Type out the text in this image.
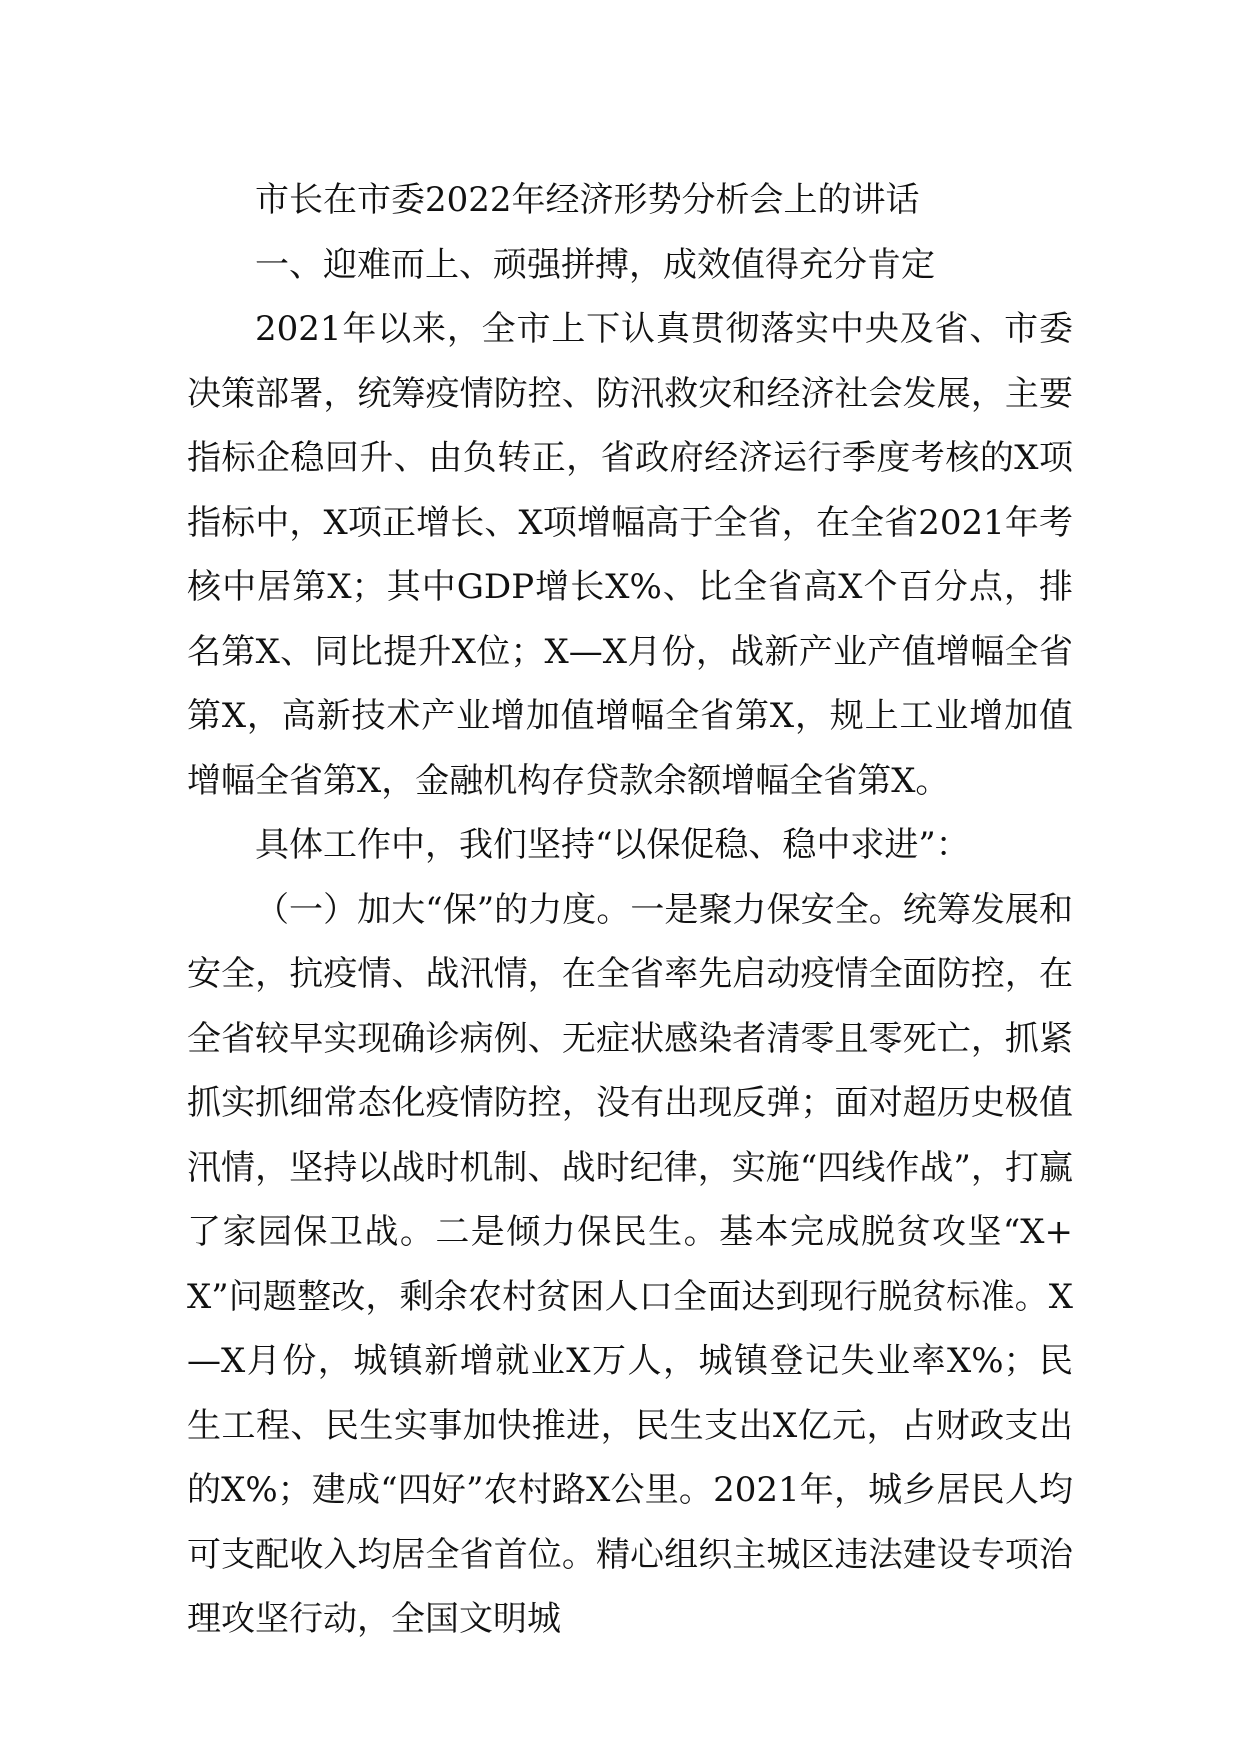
市长在市委2022年经济形势分析会上的讲话

一、迎难而上、顽强拼搏，成效值得充分肯定

2021年以来，全市上下认真贯彻落实中央及省、市委决策部署，统筹疫情防控、防汛救灾和经济社会发展，主要指标企稳回升、由负转正，省政府经济运行季度考核的X项指标中，X项正增长、X项增幅高于全省，在全省2021年考核中居第X；其中GDP增长X%、比全省高X个百分点，排名第X、同比提升X位；X—X月份，战新产业产值增幅全省第X，高新技术产业增加值增幅全省第X，规上工业增加值增幅全省第X，金融机构存贷款余额增幅全省第X。

具体工作中，我们坚持“以保促稳、稳中求进”：

（一）加大“保”的力度。一是聚力保安全。统筹发展和安全，抗疫情、战汛情，在全省率先启动疫情全面防控，在全省较早实现确诊病例、无症状感染者清零且零死亡，抓紧抓实抓细常态化疫情防控，没有出现反弹；面对超历史极值汛情，坚持以战时机制、战时纪律，实施“四线作战”，打赢了家园保卫战。二是倾力保民生。基本完成脱贫攻坚“X+X”问题整改，剩余农村贫困人口全面达到现行脱贫标准。X—X月份，城镇新增就业X万人，城镇登记失业率X%；民生工程、民生实事加快推进，民生支出X亿元，占财政支出的X%；建成“四好”农村路X公里。2021年，城乡居民人均可支配收入均居全省首位。精心组织主城区违法建设专项治理攻坚行动，全国文明城
